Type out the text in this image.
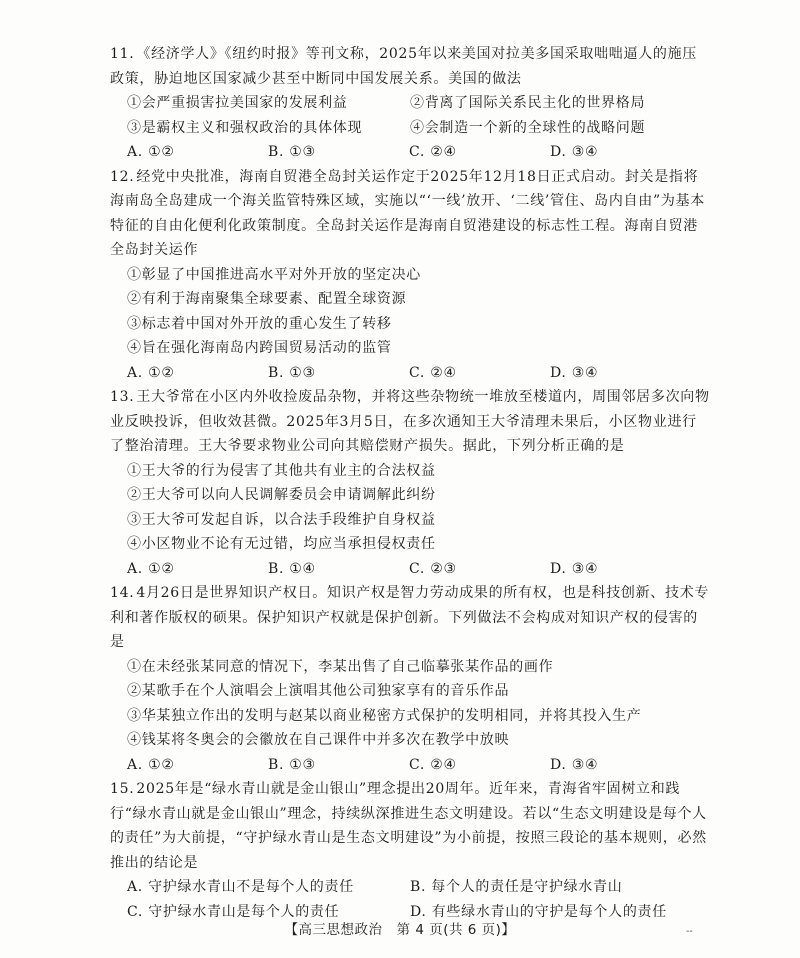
11. 《经济学人》《纽约时报》等刊文称，2025年以来美国对拉美多国采取咄咄逼人的施压政策，胁迫地区国家减少甚至中断同中国发展关系。美国的做法

①会严重损害拉美国家的发展利益	②背离了国际关系民主化的世界格局
③是霸权主义和强权政治的具体体现	④会制造一个新的全球性的战略问题
A. ①②	B. ①③	C. ②④	D. ③④

12. 经党中央批准，海南自贸港全岛封关运作定于2025年12月18日正式启动。封关是指将海南岛全岛建成一个海关监管特殊区域，实施以“‘一线’放开、‘二线’管住、岛内自由”为基本特征的自由化便利化政策制度。全岛封关运作是海南自贸港建设的标志性工程。海南自贸港全岛封关运作

①彰显了中国推进高水平对外开放的坚定决心

②有利于海南聚集全球要素、配置全球资源

③标志着中国对外开放的重心发生了转移

④旨在强化海南岛内跨国贸易活动的监管

A. ①②	B. ①③	C. ②④	D. ③④

13. 王大爷常在小区内外收捡废品杂物，并将这些杂物统一堆放至楼道内，周围邻居多次向物业反映投诉，但收效甚微。2025年3月5日，在多次通知王大爷清理未果后，小区物业进行了整治清理。王大爷要求物业公司向其赔偿财产损失。据此，下列分析正确的是

①王大爷的行为侵害了其他共有业主的合法权益

②王大爷可以向人民调解委员会申请调解此纠纷

③王大爷可发起自诉，以合法手段维护自身权益

④小区物业不论有无过错，均应当承担侵权责任

A. ①②	B. ①④	C. ②③	D. ③④

14. 4月26日是世界知识产权日。知识产权是智力劳动成果的所有权，也是科技创新、技术专利和著作版权的硕果。保护知识产权就是保护创新。下列做法不会构成对知识产权的侵害的是

①在未经张某同意的情况下，李某出售了自己临摹张某作品的画作

②某歌手在个人演唱会上演唱其他公司独家享有的音乐作品

③华某独立作出的发明与赵某以商业秘密方式保护的发明相同，并将其投入生产

④钱某将冬奥会的会徽放在自己课件中并多次在教学中放映

A. ①②	B. ①③	C. ②④	D. ③④

15. 2025年是“绿水青山就是金山银山”理念提出20周年。近年来，青海省牢固树立和践行“绿水青山就是金山银山”理念，持续纵深推进生态文明建设。若以“生态文明建设是每个人的责任”为大前提，“守护绿水青山是生态文明建设”为小前提，按照三段论的基本规则，必然推出的结论是

A. 守护绿水青山不是每个人的责任	B. 每个人的责任是守护绿水青山
C. 守护绿水青山是每个人的责任	D. 有些绿水青山的守护是每个人的责任
【高三思想政治　第 4 页(共 6 页)】	--
